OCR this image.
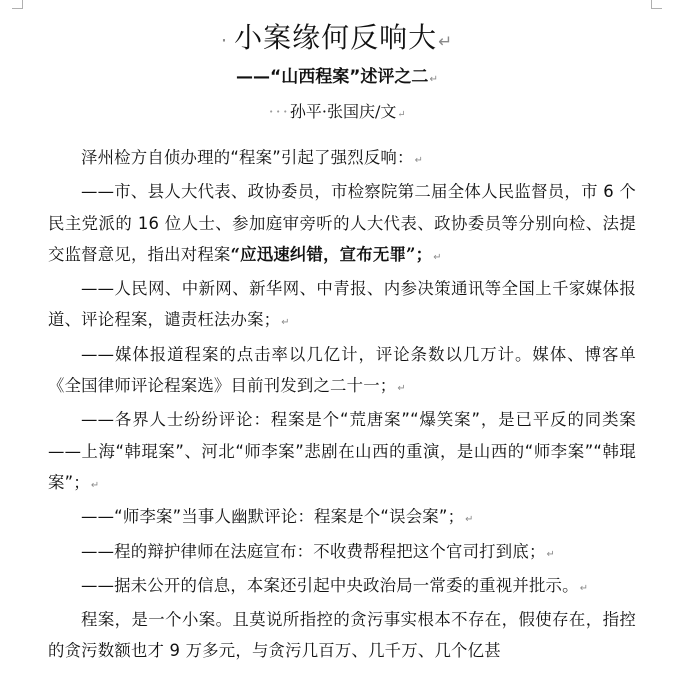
· 小案缘何反响大↵
——“山西程案”述评之二↵
···孙平·张国庆/文↵

泽州检方自侦办理的“程案”引起了强烈反响：↵

——市、县人大代表、政协委员，市检察院第二届全体人民监督员，市 6 个民主党派的 16 位人士、参加庭审旁听的人大代表、政协委员等分别向检、法提交监督意见，指出对程案“应迅速纠错，宣布无罪”；↵

——人民网、中新网、新华网、中青报、内参决策通讯等全国上千家媒体报道、评论程案，谴责枉法办案；↵

——媒体报道程案的点击率以几亿计，评论条数以几万计。媒体、博客单《全国律师评论程案选》目前刊发到之二十一；↵

——各界人士纷纷评论：程案是个“荒唐案”“爆笑案”，是已平反的同类案——上海“韩琨案”、河北“师李案”悲剧在山西的重演，是山西的“师李案”“韩琨案”；↵

——“师李案”当事人幽默评论：程案是个“误会案”；↵

——程的辩护律师在法庭宣布：不收费帮程把这个官司打到底；↵

——据未公开的信息，本案还引起中央政治局一常委的重视并批示。↵

程案，是一个小案。且莫说所指控的贪污事实根本不存在，假使存在，指控的贪污数额也才 9 万多元，与贪污几百万、几千万、几个亿甚
